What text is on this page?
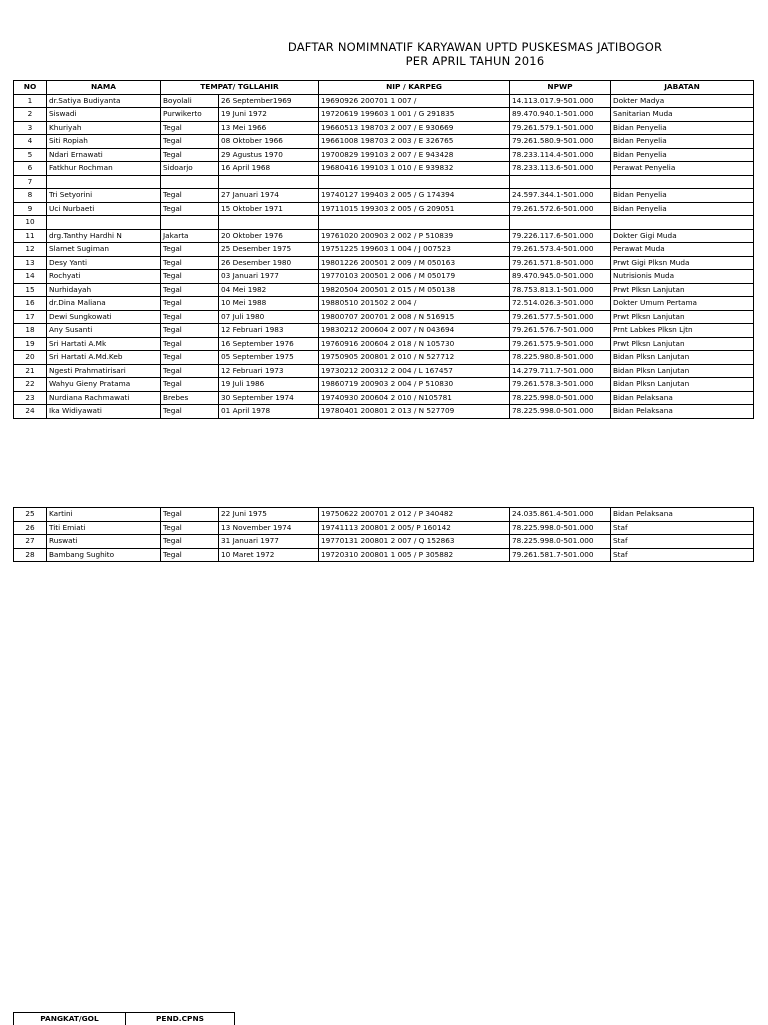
DAFTAR NOMIMNATIF KARYAWAN UPTD PUSKESMAS JATIBOGOR
PER APRIL TAHUN 2016
NO	NAMA	TEMPAT/ TGLLAHIR		NIP / KARPEG	NPWP	JABATAN
1	dr.Satiya Budiyanta	Boyolali	26 September1969	19690926 200701 1 007 /	14.113.017.9-501.000	Dokter Madya
2	Siswadi	Purwikerto	19 Juni 1972	19720619 199603 1 001 / G 291835	89.470.940.1-501.000	Sanitarian Muda
3	Khuriyah	Tegal	13 Mei 1966	19660513 198703 2 007 / E 930669	79.261.579.1-501.000	Bidan Penyelia
4	Siti Ropiah	Tegal	08 Oktober 1966	19661008 198703 2 003 / E 326765	79.261.580.9-501.000	Bidan Penyelia
5	Ndari Ernawati	Tegal	29 Agustus 1970	19700829 199103 2 007 / E 943428	78.233.114.4-501.000	Bidan Penyelia
6	Fatkhur Rochman	Sidoarjo	16 April 1968	19680416 199103 1 010 / E 939832	78.233.113.6-501.000	Perawat Penyelia
7						
8	Tri Setyorini	Tegal	27 Januari 1974	19740127 199403 2 005 / G 174394	24.597.344.1-501.000	Bidan Penyelia
9	Uci Nurbaeti	Tegal	15 Oktober 1971	19711015 199303 2 005 / G 209051	79.261.572.6-501.000	Bidan Penyelia
10						
11	drg.Tanthy Hardhi N	Jakarta	20 Oktober 1976	19761020 200903 2 002 / P 510839	79.226.117.6-501.000	Dokter Gigi Muda
12	Slamet Sugiman	Tegal	25 Desember 1975	19751225 199603 1 004 / J 007523	79.261.573.4-501.000	Perawat Muda
13	Desy Yanti	Tegal	26 Desember 1980	19801226 200501 2 009 / M 050163	79.261.571.8-501.000	Prwt Gigi Plksn Muda
14	Rochyati	Tegal	03 Januari 1977	19770103 200501 2 006 / M 050179	89.470.945.0-501.000	Nutrisionis Muda
15	Nurhidayah	Tegal	04 Mei 1982	19820504 200501 2 015 / M 050138	78.753.813.1-501.000	Prwt Plksn Lanjutan
16	dr.Dina Maliana	Tegal	10 Mei 1988	19880510 201502 2 004 /	72.514.026.3-501.000	Dokter Umum Pertama
17	Dewi Sungkowati	Tegal	07 Juli 1980	19800707 200701 2 008 / N 516915	79.261.577.5-501.000	Prwt Plksn Lanjutan
18	Any Susanti	Tegal	12 Februari 1983	19830212 200604 2 007 / N 043694	79.261.576.7-501.000	Prnt Labkes Plksn Ljtn
19	Sri Hartati A.Mk	Tegal	16 September 1976	19760916 200604 2 018 / N 105730	79.261.575.9-501.000	Prwt Plksn Lanjutan
20	Sri Hartati A.Md.Keb	Tegal	05 September 1975	19750905 200801 2 010 / N 527712	78.225.980.8-501.000	Bidan Plksn Lanjutan
21	Ngesti Prahmatirisari	Tegal	12 Februari 1973	19730212 200312 2 004 / L 167457	14.279.711.7-501.000	Bidan Plksn Lanjutan
22	Wahyu Gieny Pratama	Tegal	19 Juli 1986	19860719 200903 2 004 / P 510830	79.261.578.3-501.000	Bidan Plksn Lanjutan
23	Nurdiana Rachmawati	Brebes	30 September 1974	19740930 200604 2 010 / N105781	78.225.998.0-501.000	Bidan Pelaksana
24	Ika Widiyawati	Tegal	01 April 1978	19780401 200801 2 013 / N 527709	78.225.998.0-501.000	Bidan Pelaksana
25	Kartini	Tegal	22 Juni 1975	19750622 200701 2 012 / P 340482	24.035.861.4-501.000	Bidan Pelaksana
26	Titi Emiati	Tegal	13 November 1974	19741113 200801 2 005/ P 160142	78.225.998.0-501.000	Staf
27	Ruswati	Tegal	31 Januari 1977	19770131 200801 2 007 / Q 152863	78.225.998.0-501.000	Staf
28	Bambang Sughito	Tegal	10 Maret 1972	19720310 200801 1 005 / P 305882	79.261.581.7-501.000	Staf
PANGKAT/GOL	PEND.CPNS
